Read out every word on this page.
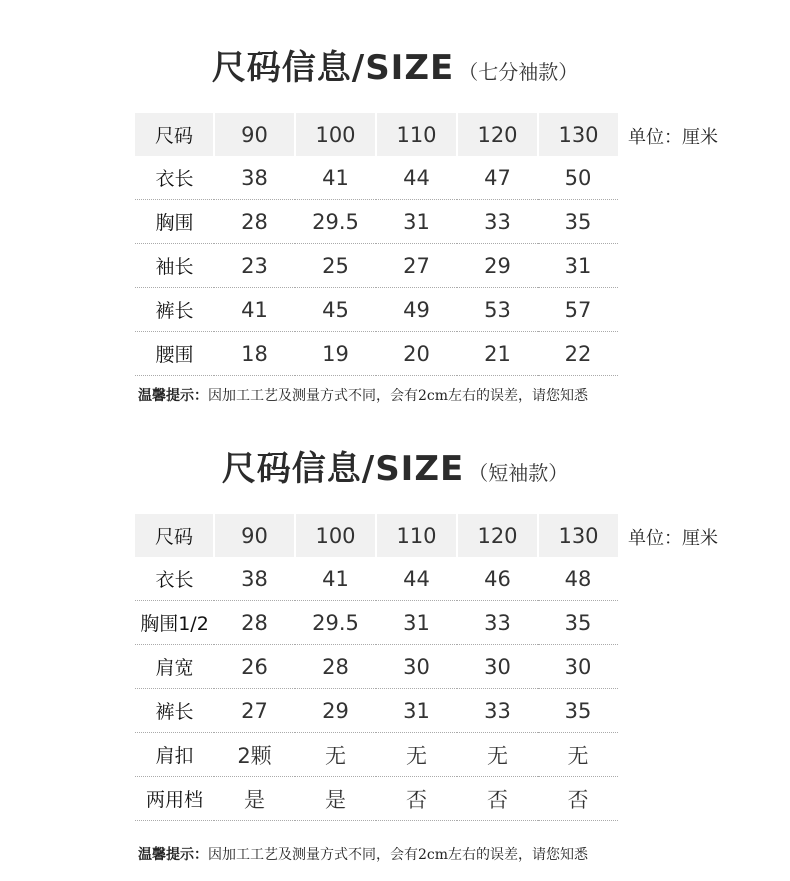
尺码信息/SIZE （七分袖款）
尺码	90	100	110	120	130
衣长	38	41	44	47	50
胸围	28	29.5	31	33	35
袖长	23	25	27	29	31
裤长	41	45	49	53	57
腰围	18	19	20	21	22
单位：厘米
温馨提示：因加工工艺及测量方式不同，会有2cm左右的误差，请您知悉
尺码信息/SIZE （短袖款）
尺码	90	100	110	120	130
衣长	38	41	44	46	48
胸围1/2	28	29.5	31	33	35
肩宽	26	28	30	30	30
裤长	27	29	31	33	35
肩扣	2颗	无	无	无	无
两用档	是	是	否	否	否
单位：厘米
温馨提示：因加工工艺及测量方式不同，会有2cm左右的误差，请您知悉
